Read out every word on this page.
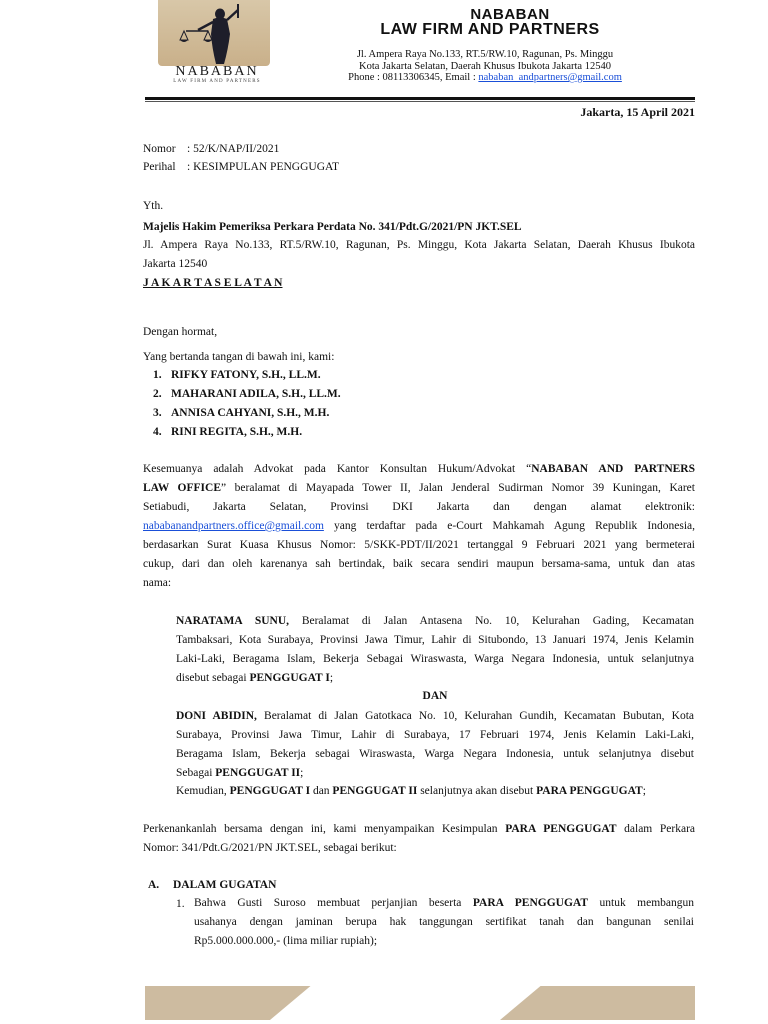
NABABAN
LAW FIRM AND PARTNERS
NABABAN
LAW FIRM AND PARTNERS
Jl. Ampera Raya No.133, RT.5/RW.10, Ragunan, Ps. Minggu
Kota Jakarta Selatan, Daerah Khusus Ibukota Jakarta 12540
Phone : 08113306345, Email : nababan_andpartners@gmail.com
Jakarta, 15 April 2021
Nomor : 52/K/NAP/II/2021
Perihal : KESIMPULAN PENGGUGAT
Yth.
Majelis Hakim Pemeriksa Perkara Perdata No. 341/Pdt.G/2021/PN JKT.SEL
Jl. Ampera Raya No.133, RT.5/RW.10, Ragunan, Ps. Minggu, Kota Jakarta Selatan, Daerah Khusus Ibukota
Jakarta 12540
J A K A R T A S E L A T A N
Dengan hormat,
Yang bertanda tangan di bawah ini, kami:
1. RIFKY FATONY, S.H., LL.M.
2. MAHARANI ADILA, S.H., LL.M.
3. ANNISA CAHYANI, S.H., M.H.
4. RINI REGITA, S.H., M.H.
Kesemuanya adalah Advokat pada Kantor Konsultan Hukum/Advokat “NABABAN AND PARTNERS
LAW OFFICE” beralamat di Mayapada Tower II, Jalan Jenderal Sudirman Nomor 39 Kuningan, Karet
Setiabudi, Jakarta Selatan, Provinsi DKI Jakarta dan dengan alamat elektronik:
nababanandpartners.office@gmail.com yang terdaftar pada e-Court Mahkamah Agung Republik Indonesia,
berdasarkan Surat Kuasa Khusus Nomor: 5/SKK-PDT/II/2021 tertanggal 9 Februari 2021 yang bermeterai
cukup, dari dan oleh karenanya sah bertindak, baik secara sendiri maupun bersama-sama, untuk dan atas
nama:
NARATAMA SUNU, Beralamat di Jalan Antasena No. 10, Kelurahan Gading, Kecamatan
Tambaksari, Kota Surabaya, Provinsi Jawa Timur, Lahir di Situbondo, 13 Januari 1974, Jenis Kelamin
Laki-Laki, Beragama Islam, Bekerja Sebagai Wiraswasta, Warga Negara Indonesia, untuk selanjutnya
disebut sebagai PENGGUGAT I;
DAN
DONI ABIDIN, Beralamat di Jalan Gatotkaca No. 10, Kelurahan Gundih, Kecamatan Bubutan, Kota
Surabaya, Provinsi Jawa Timur, Lahir di Surabaya, 17 Februari 1974, Jenis Kelamin Laki-Laki,
Beragama Islam, Bekerja sebagai Wiraswasta, Warga Negara Indonesia, untuk selanjutnya disebut
Sebagai PENGGUGAT II;
Kemudian, PENGGUGAT I dan PENGGUGAT II selanjutnya akan disebut PARA PENGGUGAT;
Perkenankanlah bersama dengan ini, kami menyampaikan Kesimpulan PARA PENGGUGAT dalam Perkara
Nomor: 341/Pdt.G/2021/PN JKT.SEL, sebagai berikut:
A. DALAM GUGATAN
1. Bahwa Gusti Suroso membuat perjanjian beserta PARA PENGGUGAT untuk membangun
usahanya dengan jaminan berupa hak tanggungan sertifikat tanah dan bangunan senilai
Rp5.000.000.000,- (lima miliar rupiah);
